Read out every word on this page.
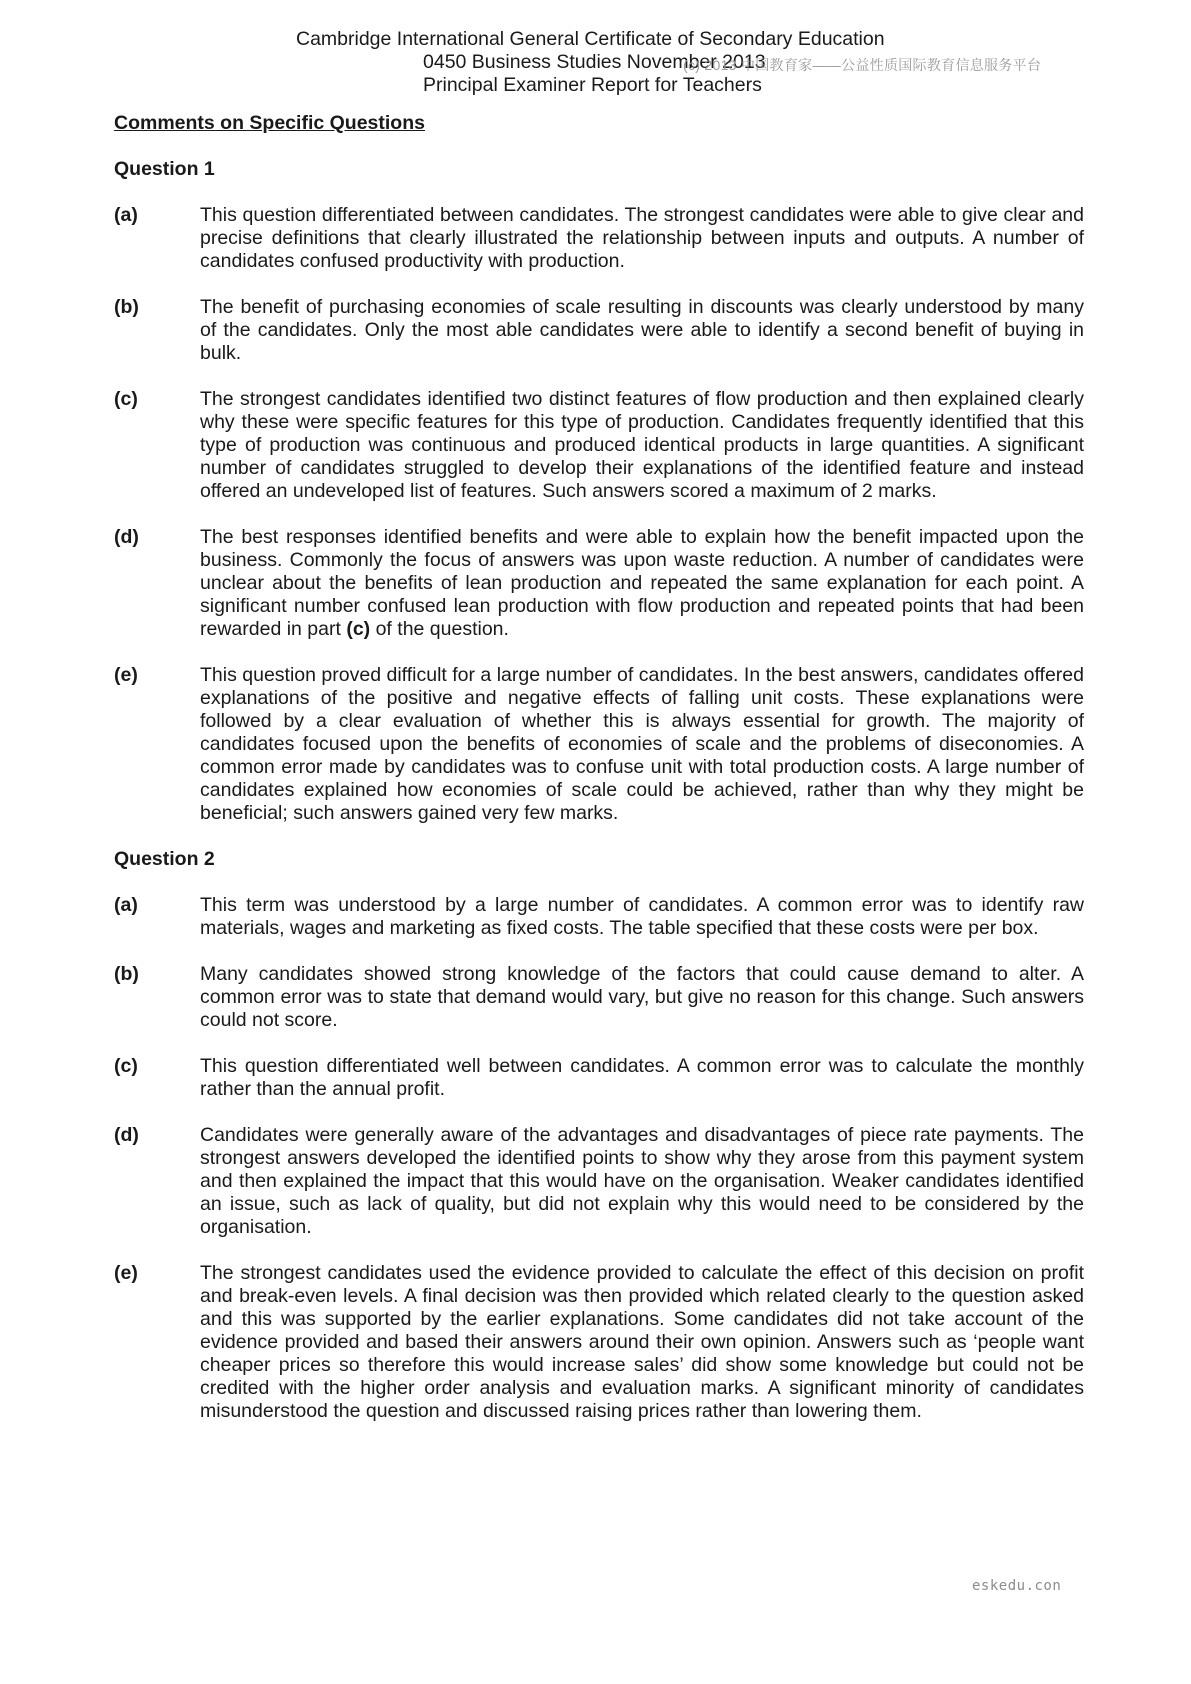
Cambridge International General Certificate of Secondary Education
0450 Business Studies November 2013
Principal Examiner Report for Teachers
(c) 2013 中国教育家——公益性质国际教育信息服务平台
Comments on Specific Questions
Question 1
(a)	This question differentiated between candidates. The strongest candidates were able to give clear and precise definitions that clearly illustrated the relationship between inputs and outputs. A number of candidates confused productivity with production.
(b)	The benefit of purchasing economies of scale resulting in discounts was clearly understood by many of the candidates. Only the most able candidates were able to identify a second benefit of buying in bulk.
(c)	The strongest candidates identified two distinct features of flow production and then explained clearly why these were specific features for this type of production. Candidates frequently identified that this type of production was continuous and produced identical products in large quantities. A significant number of candidates struggled to develop their explanations of the identified feature and instead offered an undeveloped list of features. Such answers scored a maximum of 2 marks.
(d)	The best responses identified benefits and were able to explain how the benefit impacted upon the business. Commonly the focus of answers was upon waste reduction. A number of candidates were unclear about the benefits of lean production and repeated the same explanation for each point. A significant number confused lean production with flow production and repeated points that had been rewarded in part (c) of the question.
(e)	This question proved difficult for a large number of candidates. In the best answers, candidates offered explanations of the positive and negative effects of falling unit costs. These explanations were followed by a clear evaluation of whether this is always essential for growth. The majority of candidates focused upon the benefits of economies of scale and the problems of diseconomies. A common error made by candidates was to confuse unit with total production costs. A large number of candidates explained how economies of scale could be achieved, rather than why they might be beneficial; such answers gained very few marks.
Question 2
(a)	This term was understood by a large number of candidates. A common error was to identify raw materials, wages and marketing as fixed costs. The table specified that these costs were per box.
(b)	Many candidates showed strong knowledge of the factors that could cause demand to alter. A common error was to state that demand would vary, but give no reason for this change. Such answers could not score.
(c)	This question differentiated well between candidates. A common error was to calculate the monthly rather than the annual profit.
(d)	Candidates were generally aware of the advantages and disadvantages of piece rate payments. The strongest answers developed the identified points to show why they arose from this payment system and then explained the impact that this would have on the organisation. Weaker candidates identified an issue, such as lack of quality, but did not explain why this would need to be considered by the organisation.
(e)	The strongest candidates used the evidence provided to calculate the effect of this decision on profit and break-even levels. A final decision was then provided which related clearly to the question asked and this was supported by the earlier explanations. Some candidates did not take account of the evidence provided and based their answers around their own opinion. Answers such as ‘people want cheaper prices so therefore this would increase sales’ did show some knowledge but could not be credited with the higher order analysis and evaluation marks. A significant minority of candidates misunderstood the question and discussed raising prices rather than lowering them.
eskedu.con
